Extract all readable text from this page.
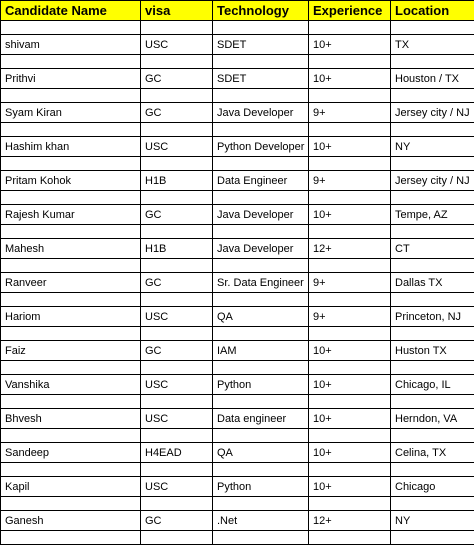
Candidate Name	visa	Technology	Experience	Location

shivam	USC	SDET	10+	TX

Prithvi	GC	SDET	10+	Houston / TX

Syam Kiran	GC	Java Developer	9+	Jersey city / NJ

Hashim khan	USC	Python Developer	10+	NY

Pritam Kohok	H1B	Data Engineer	9+	Jersey city / NJ

Rajesh Kumar	GC	Java Developer	10+	Tempe, AZ

Mahesh	H1B	Java Developer	12+	CT

Ranveer	GC	Sr. Data Engineer	9+	Dallas TX

Hariom	USC	QA	9+	Princeton, NJ

Faiz	GC	IAM	10+	Huston TX

Vanshika	USC	Python	10+	Chicago, IL

Bhvesh	USC	Data engineer	10+	Herndon, VA

Sandeep	H4EAD	QA	10+	Celina, TX

Kapil	USC	Python	10+	Chicago

Ganesh	GC	.Net	12+	NY
